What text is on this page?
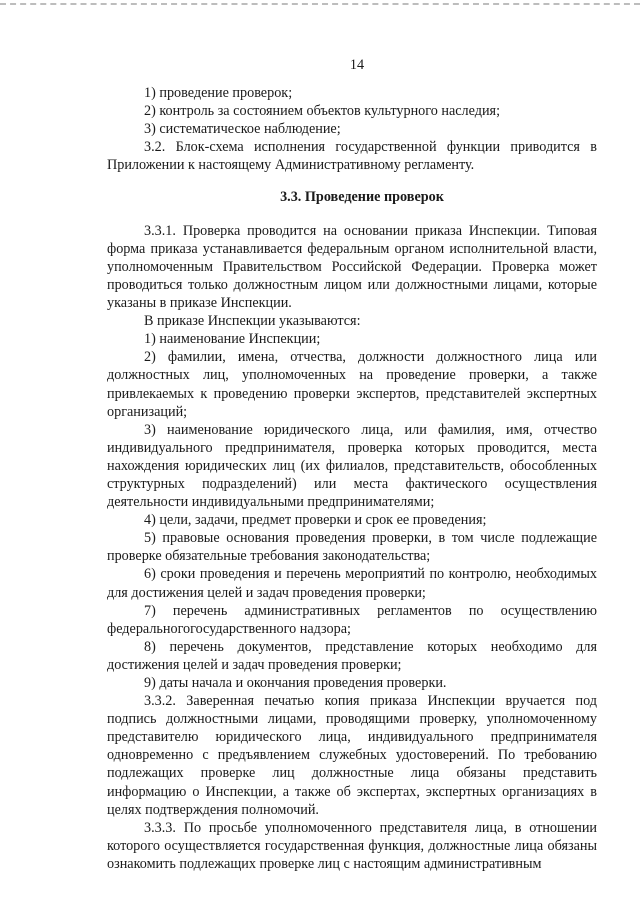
14

1) проведение проверок;

2) контроль за состоянием объектов культурного наследия;

3) систематическое наблюдение;

3.2. Блок-схема исполнения государственной функции приводится в Приложении к настоящему Административному регламенту.

3.3. Проведение проверок

3.3.1. Проверка проводится на основании приказа Инспекции. Типовая форма приказа устанавливается федеральным органом исполнительной власти, уполномоченным Правительством Российской Федерации. Проверка может проводиться только должностным лицом или должностными лицами, которые указаны в приказе Инспекции.

В приказе Инспекции указываются:

1) наименование Инспекции;

2) фамилии, имена, отчества, должности должностного лица или должностных лиц, уполномоченных на проведение проверки, а также привлекаемых к проведению проверки экспертов, представителей экспертных организаций;

3) наименование юридического лица, или фамилия, имя, отчество индивидуального предпринимателя, проверка которых проводится, места нахождения юридических лиц (их филиалов, представительств, обособленных структурных подразделений) или места фактического осуществления деятельности индивидуальными предпринимателями;

4) цели, задачи, предмет проверки и срок ее проведения;

5) правовые основания проведения проверки, в том числе подлежащие проверке обязательные требования законодательства;

6) сроки проведения и перечень мероприятий по контролю, необходимых для достижения целей и задач проведения проверки;

7) перечень административных регламентов по осуществлению федеральногогосударственного надзора;

8) перечень документов, представление которых необходимо для достижения целей и задач проведения проверки;

9) даты начала и окончания проведения проверки.

3.3.2. Заверенная печатью копия приказа Инспекции вручается под подпись должностными лицами, проводящими проверку, уполномоченному представителю юридического лица, индивидуального предпринимателя одновременно с предъявлением служебных удостоверений. По требованию подлежащих проверке лиц должностные лица обязаны представить информацию о Инспекции, а также об экспертах, экспертных организациях в целях подтверждения полномочий.

3.3.3. По просьбе уполномоченного представителя лица, в отношении которого осуществляется государственная функция, должностные лица обязаны ознакомить подлежащих проверке лиц с настоящим административным
